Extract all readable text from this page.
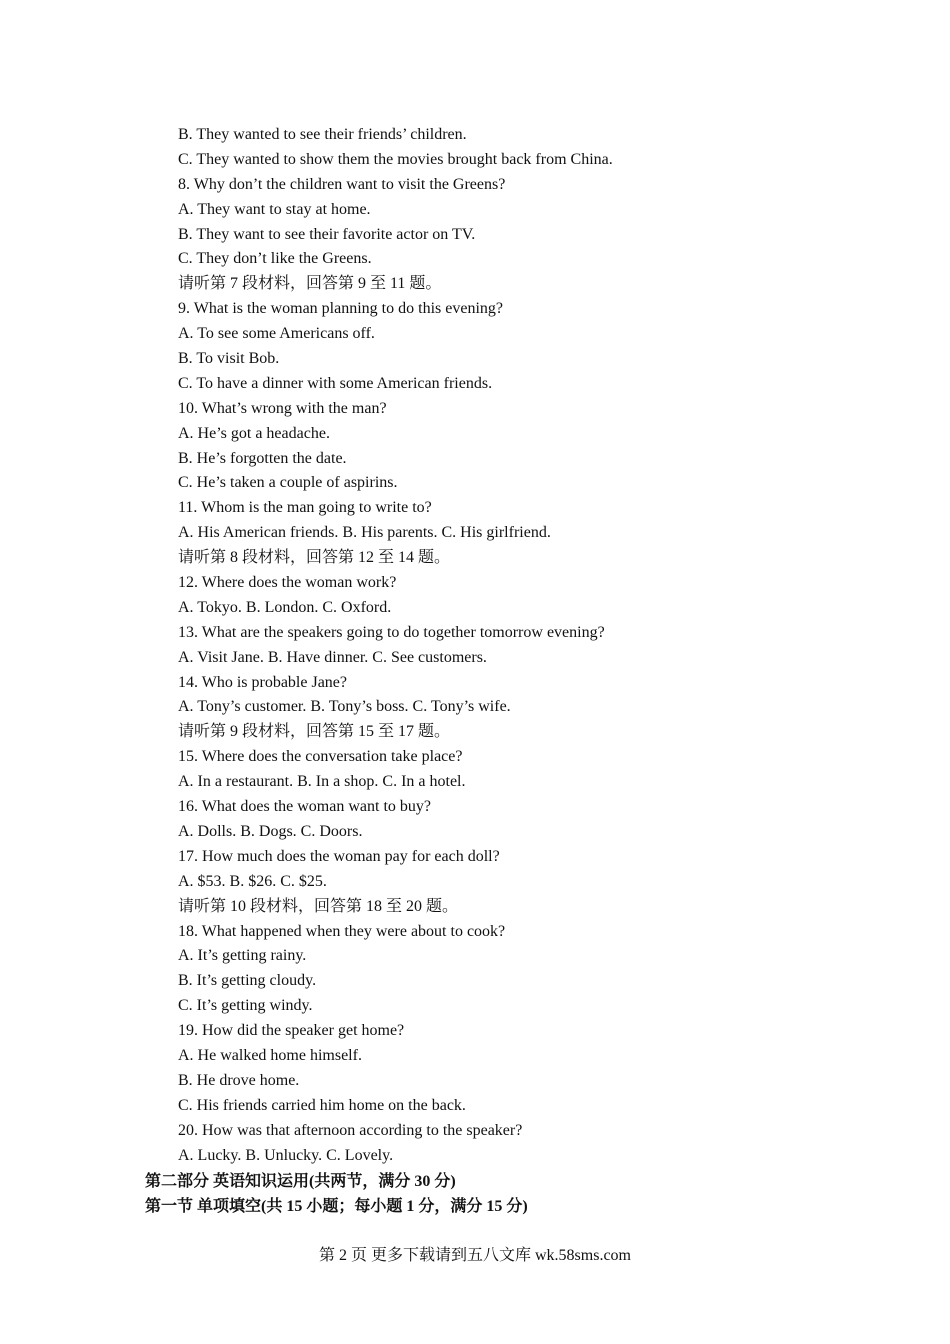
B. They wanted to see their friends’ children.
C. They wanted to show them the movies brought back from China.
8. Why don’t the children want to visit the Greens?
A. They want to stay at home.
B. They want to see their favorite actor on TV.
C. They don’t like the Greens.
请听第 7 段材料，回答第 9 至 11 题。
9. What is the woman planning to do this evening?
A. To see some Americans off.
B. To visit Bob.
C. To have a dinner with some American friends.
10. What’s wrong with the man?
A. He’s got a headache.
B. He’s forgotten the date.
C. He’s taken a couple of aspirins.
11. Whom is the man going to write to?
A. His American friends. B. His parents. C. His girlfriend.
请听第 8 段材料，回答第 12 至 14 题。
12. Where does the woman work?
A. Tokyo. B. London. C. Oxford.
13. What are the speakers going to do together tomorrow evening?
A. Visit Jane. B. Have dinner. C. See customers.
14. Who is probable Jane?
A. Tony’s customer. B. Tony’s boss. C. Tony’s wife.
请听第 9 段材料，回答第 15 至 17 题。
15. Where does the conversation take place?
A. In a restaurant. B. In a shop. C. In a hotel.
16. What does the woman want to buy?
A. Dolls. B. Dogs. C. Doors.
17. How much does the woman pay for each doll?
A. $53. B. $26. C. $25.
请听第 10 段材料，回答第 18 至 20 题。
18. What happened when they were about to cook?
A. It’s getting rainy.
B. It’s getting cloudy.
C. It’s getting windy.
19. How did the speaker get home?
A. He walked home himself.
B. He drove home.
C. His friends carried him home on the back.
20. How was that afternoon according to the speaker?
A. Lucky. B. Unlucky. C. Lovely.
第二部分 英语知识运用(共两节，满分 30 分)
第一节 单项填空(共 15 小题；每小题 1 分，满分 15 分)
第 2 页 更多下载请到五八文库 wk.58sms.com
